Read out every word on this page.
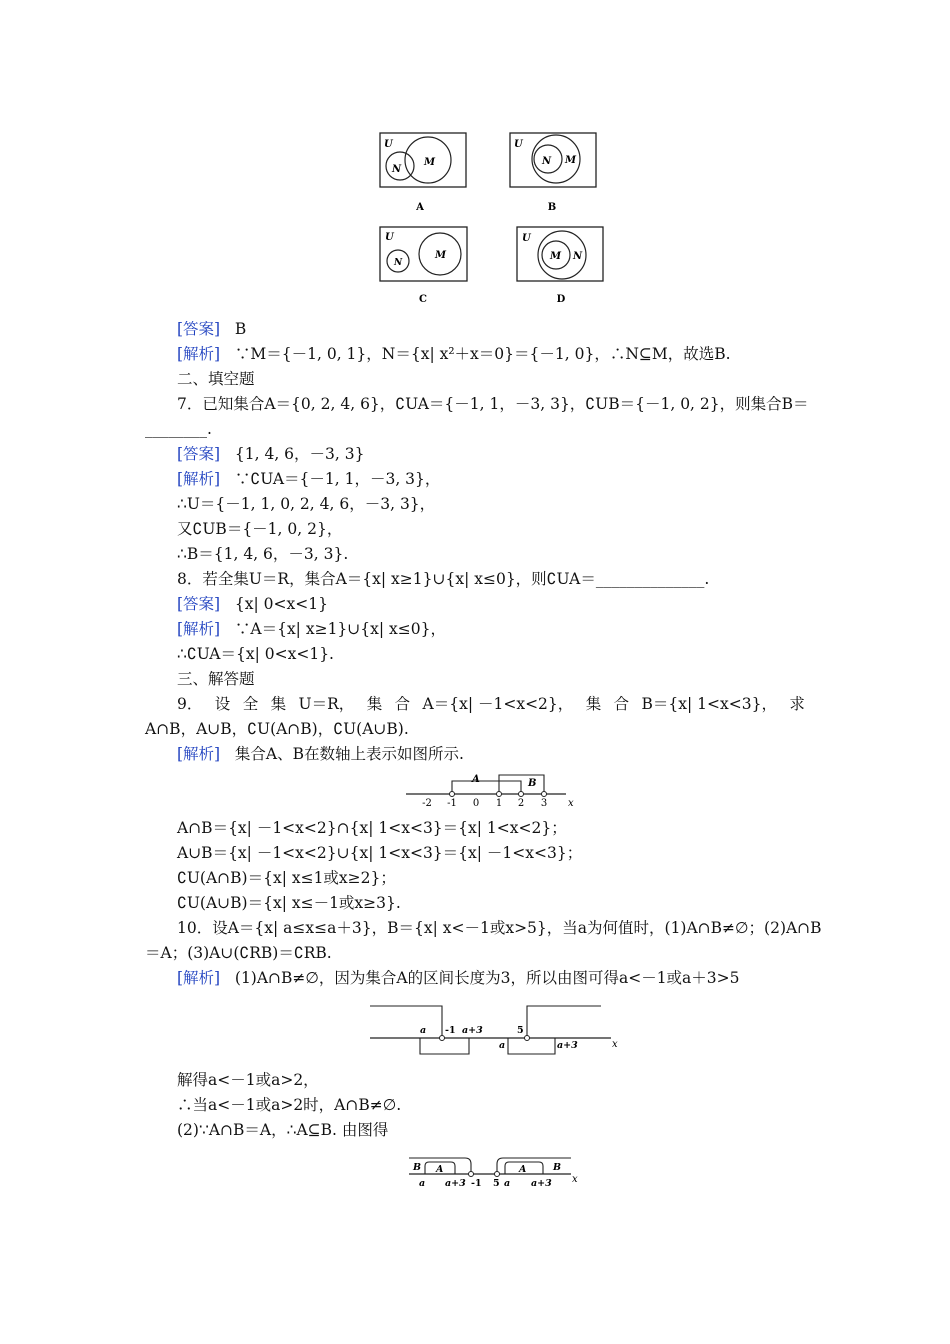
U
N
M
A
U
N M
B
U
N
M
C
U
M N
D
[答案] B
[解析] ∵M＝{－1, 0, 1}，N＝{x| x²＋x＝0}＝{－1, 0}，∴N⊆M，故选B.
二、填空题
7．已知集合A＝{0, 2, 4, 6}，∁UA＝{－1, 1，－3, 3}，∁UB＝{－1, 0, 2}，则集合B＝
________.
[答案] {1, 4, 6，－3, 3}
[解析] ∵∁UA＝{－1, 1，－3, 3}，
∴U＝{－1, 1, 0, 2, 4, 6，－3, 3}，
又∁UB＝{－1, 0, 2}，
∴B＝{1, 4, 6，－3, 3}.
8．若全集U＝R，集合A＝{x| x≥1}∪{x| x≤0}，则∁UA＝______________.
[答案] {x| 0<x<1}
[解析] ∵A＝{x| x≥1}∪{x| x≤0}，
∴∁UA＝{x| 0<x<1}.
三、解答题
9． 设 全 集 U＝R， 集 合 A＝{x| －1<x<2}， 集 合 B＝{x| 1<x<3}， 求
A∩B，A∪B，∁U(A∩B)，∁U(A∪B).
[解析] 集合A、B在数轴上表示如图所示.
A	B
-2 -1 0 1 2 3 x
A∩B＝{x| －1<x<2}∩{x| 1<x<3}＝{x| 1<x<2}；
A∪B＝{x| －1<x<2}∪{x| 1<x<3}＝{x| －1<x<3}；
∁U(A∩B)＝{x| x≤1或x≥2}；
∁U(A∪B)＝{x| x≤－1或x≥3}.
10．设A＝{x| a≤x≤a＋3}，B＝{x| x<－1或x>5}，当a为何值时，(1)A∩B≠∅；(2)A∩B
＝A；(3)A∪(∁RB)＝∁RB.
[解析] (1)A∩B≠∅，因为集合A的区间长度为3，所以由图可得a<－1或a＋3>5
a -1 a+3
a
5
a+3	x
解得a<－1或a>2，
∴当a<－1或a>2时，A∩B≠∅.
(2)∵A∩B＝A，∴A⊆B. 由图得
B A	A	B
a a+3 -1 5 a a+3 x
